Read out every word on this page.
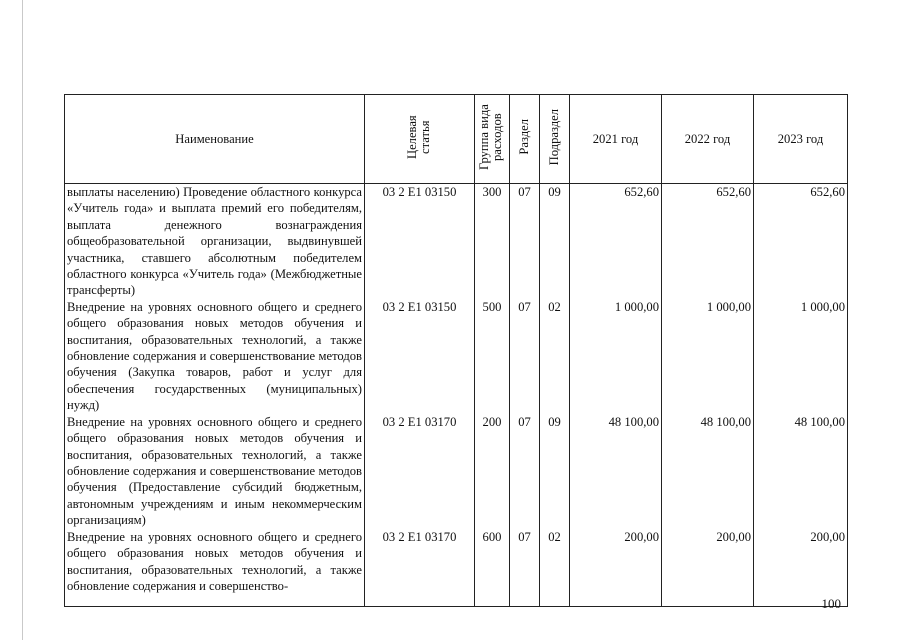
Наименование	Целевая статья	Группа вида расходов	Раздел	Подраздел	2021 год	2022 год	2023 год
выплаты населению) Проведение областного конкурса «Учитель года» и выплата премий его победителям, выплата денежного вознаграждения общеобразовательной организации, выдвинувшей участника, ставшего абсолютным победителем областного конкурса «Учитель года» (Межбюджетные трансферты)	03 2 E1 03150	300	07	09	652,60	652,60	652,60
Внедрение на уровнях основного общего и среднего общего образования новых методов обучения и воспитания, образовательных технологий, а также обновление содержания и совершенствование методов обучения (Закупка товаров, работ и услуг для обеспечения государственных (муниципальных) нужд)	03 2 E1 03150	500	07	02	1 000,00	1 000,00	1 000,00
Внедрение на уровнях основного общего и среднего общего образования новых методов обучения и воспитания, образовательных технологий, а также обновление содержания и совершенствование методов обучения (Предоставление субсидий бюджетным, автономным учреждениям и иным некоммерческим организациям)	03 2 E1 03170	200	07	09	48 100,00	48 100,00	48 100,00
Внедрение на уровнях основного общего и среднего общего образования новых методов обучения и воспитания, образовательных технологий, а также обновление содержания и совершенство-	03 2 E1 03170	600	07	02	200,00	200,00	200,00
100
